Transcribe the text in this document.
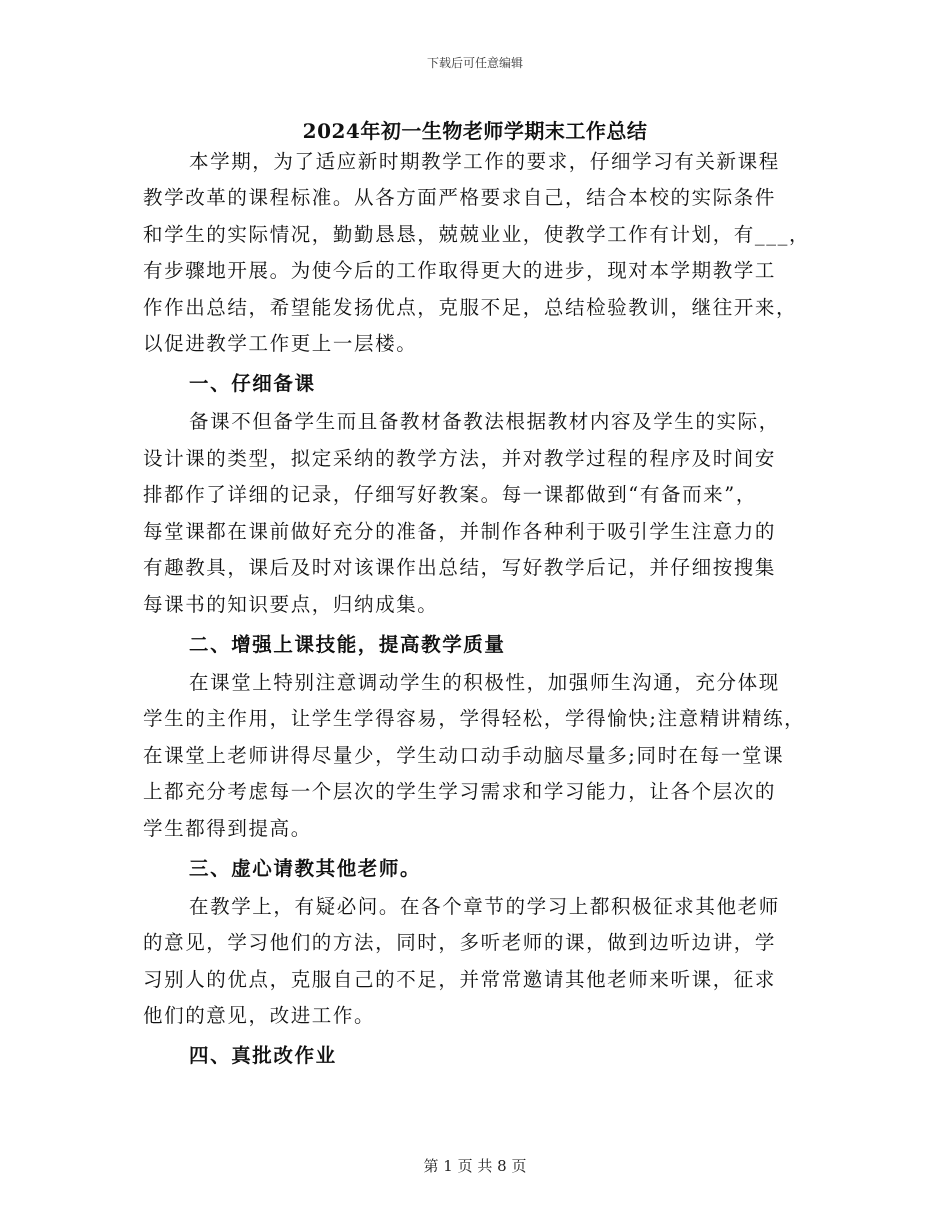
下载后可任意编辑
2024年初一生物老师学期末工作总结
本学期，为了适应新时期教学工作的要求，仔细学习有关新课程
教学改革的课程标准。从各方面严格要求自己，结合本校的实际条件
和学生的实际情况，勤勤恳恳，兢兢业业，使教学工作有计划，有___，
有步骤地开展。为使今后的工作取得更大的进步，现对本学期教学工
作作出总结，希望能发扬优点，克服不足，总结检验教训，继往开来，
以促进教学工作更上一层楼。
一、仔细备课
备课不但备学生而且备教材备教法根据教材内容及学生的实际，
设计课的类型，拟定采纳的教学方法，并对教学过程的程序及时间安
排都作了详细的记录，仔细写好教案。每一课都做到“有备而来”，
每堂课都在课前做好充分的准备，并制作各种利于吸引学生注意力的
有趣教具，课后及时对该课作出总结，写好教学后记，并仔细按搜集
每课书的知识要点，归纳成集。
二、增强上课技能，提高教学质量
在课堂上特别注意调动学生的积极性，加强师生沟通，充分体现
学生的主作用，让学生学得容易，学得轻松，学得愉快;注意精讲精练，
在课堂上老师讲得尽量少，学生动口动手动脑尽量多;同时在每一堂课
上都充分考虑每一个层次的学生学习需求和学习能力，让各个层次的
学生都得到提高。
三、虚心请教其他老师。
在教学上，有疑必问。在各个章节的学习上都积极征求其他老师
的意见，学习他们的方法，同时，多听老师的课，做到边听边讲，学
习别人的优点，克服自己的不足，并常常邀请其他老师来听课，征求
他们的意见，改进工作。
四、真批改作业
第 1 页 共 8 页
